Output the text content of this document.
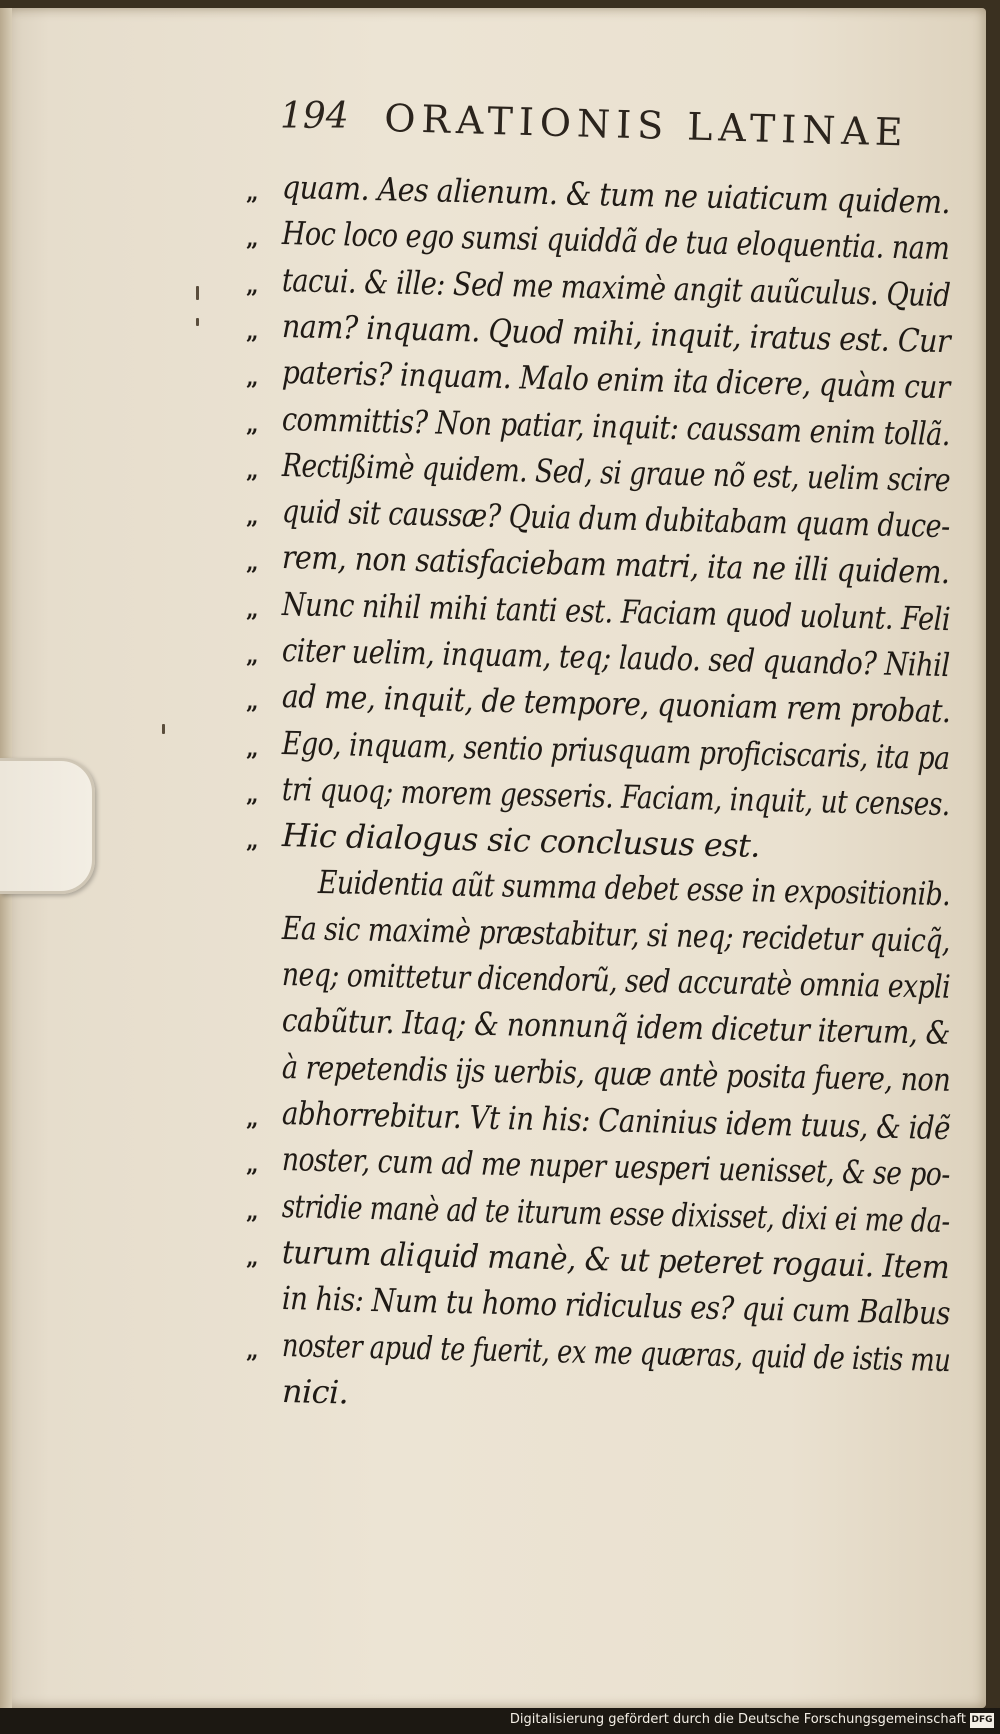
194 ORATIONIS LATINAE
„ quam. Aes alienum. & tum ne uiaticum quidem.
„ Hoc loco ego sumsi quiddã de tua eloquentia. nam
„ tacui. & ille: Sed me maximè angit auũculus. Quid
„ nam? inquam. Quod mihi, inquit, iratus est. Cur
„ pateris? inquam. Malo enim ita dicere, quàm cur
„ committis? Non patiar, inquit: caussam enim tollã.
„ Rectißimè quidem. Sed, si graue nõ est, uelim scire
„ quid sit caussæ? Quia dum dubitabam quam duce-
„ rem, non satisfaciebam matri, ita ne illi quidem.
„ Nunc nihil mihi tanti est. Faciam quod uolunt. Feli
„ citer uelim, inquam, teq; laudo. sed quando? Nihil
„ ad me, inquit, de tempore, quoniam rem probat.
„ Ego, inquam, sentio priusquam proficiscaris, ita pa
„ tri quoq; morem gesseris. Faciam, inquit, ut censes.
„ Hic dialogus sic conclusus est.
Euidentia aũt summa debet esse in expositionib.
Ea sic maximè præstabitur, si neq; recidetur quicq̃,
neq; omittetur dicendorũ, sed accuratè omnia expli
cabũtur. Itaq; & nonnunq̃ idem dicetur iterum, &
à repetendis ijs uerbis, quæ antè posita fuere, non
„ abhorrebitur. Vt in his: Caninius idem tuus, & idẽ
„ noster, cum ad me nuper uesperi uenisset, & se po-
„ stridie manè ad te iturum esse dixisset, dixi ei me da-
„ turum aliquid manè, & ut peteret rogaui. Item
in his: Num tu homo ridiculus es? qui cum Balbus
„ noster apud te fuerit, ex me quæras, quid de istis mu
nici.
Digitalisierung gefördert durch die Deutsche Forschungsgemeinschaft DFG
